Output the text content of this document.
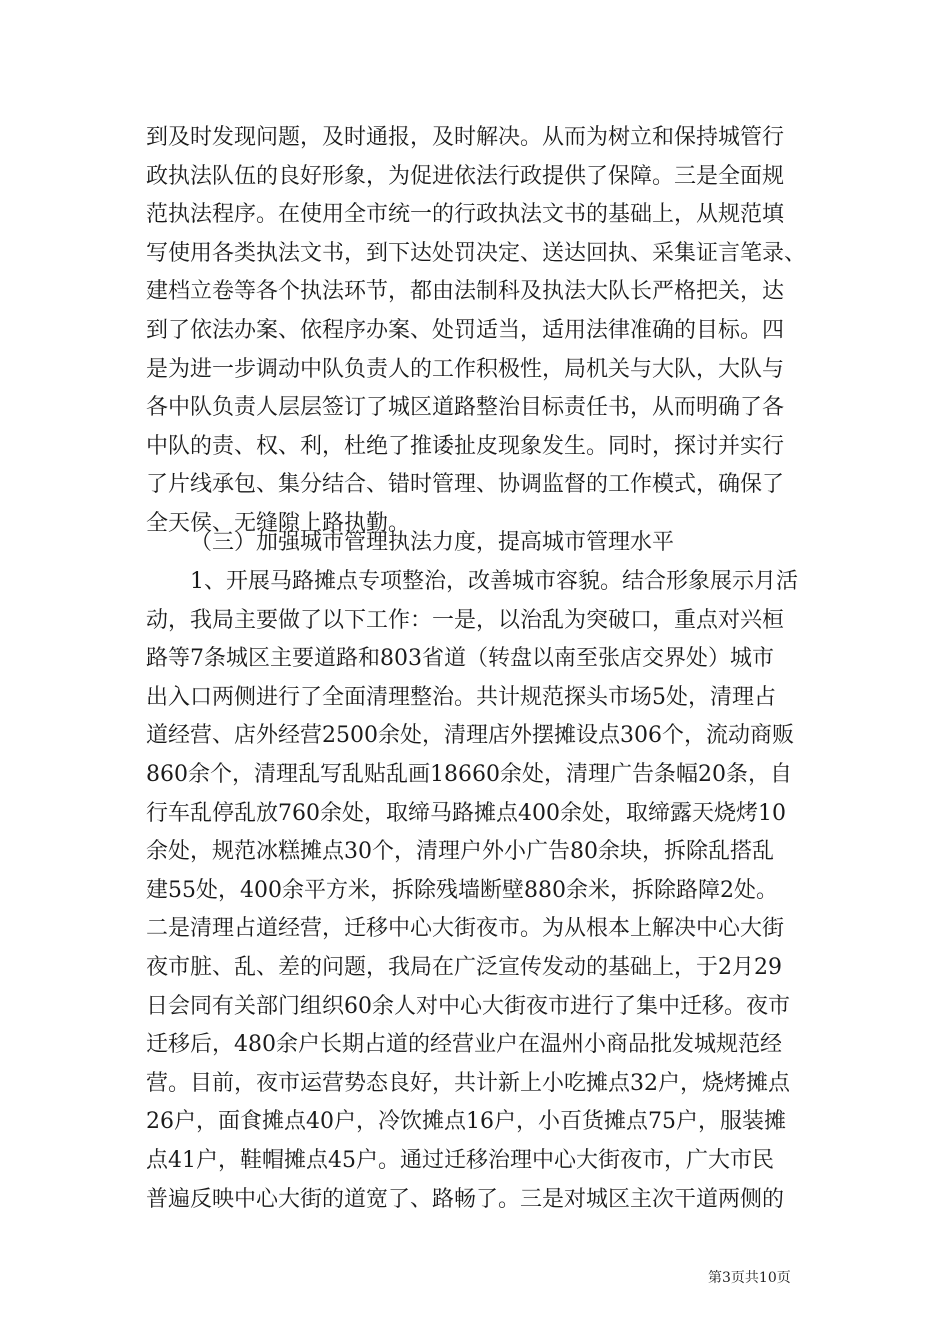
到及时发现问题，及时通报，及时解决。从而为树立和保持城管行
政执法队伍的良好形象，为促进依法行政提供了保障。三是全面规
范执法程序。在使用全市统一的行政执法文书的基础上，从规范填
写使用各类执法文书，到下达处罚决定、送达回执、采集证言笔录、
建档立卷等各个执法环节，都由法制科及执法大队长严格把关，达
到了依法办案、依程序办案、处罚适当，适用法律准确的目标。四
是为进一步调动中队负责人的工作积极性，局机关与大队，大队与
各中队负责人层层签订了城区道路整治目标责任书，从而明确了各
中队的责、权、利，杜绝了推诿扯皮现象发生。同时，探讨并实行
了片线承包、集分结合、错时管理、协调监督的工作模式，确保了
全天侯、无缝隙上路执勤。
（三）加强城市管理执法力度，提高城市管理水平
1、开展马路摊点专项整治，改善城市容貌。结合形象展示月活
动，我局主要做了以下工作：一是，以治乱为突破口，重点对兴桓
路等7条城区主要道路和803省道（转盘以南至张店交界处）城市
出入口两侧进行了全面清理整治。共计规范探头市场5处，清理占
道经营、店外经营2500余处，清理店外摆摊设点306个，流动商贩
860余个，清理乱写乱贴乱画18660余处，清理广告条幅20条，自
行车乱停乱放760余处，取缔马路摊点400余处，取缔露天烧烤10
余处，规范冰糕摊点30个，清理户外小广告80余块，拆除乱搭乱
建55处，400余平方米，拆除残墙断壁880余米，拆除路障2处。
二是清理占道经营，迁移中心大街夜市。为从根本上解决中心大街
夜市脏、乱、差的问题，我局在广泛宣传发动的基础上，于2月29
日会同有关部门组织60余人对中心大街夜市进行了集中迁移。夜市
迁移后，480余户长期占道的经营业户在温州小商品批发城规范经
营。目前，夜市运营势态良好，共计新上小吃摊点32户，烧烤摊点
26户，面食摊点40户，冷饮摊点16户，小百货摊点75户，服装摊
点41户，鞋帽摊点45户。通过迁移治理中心大街夜市，广大市民
普遍反映中心大街的道宽了、路畅了。三是对城区主次干道两侧的
第3页共10页
